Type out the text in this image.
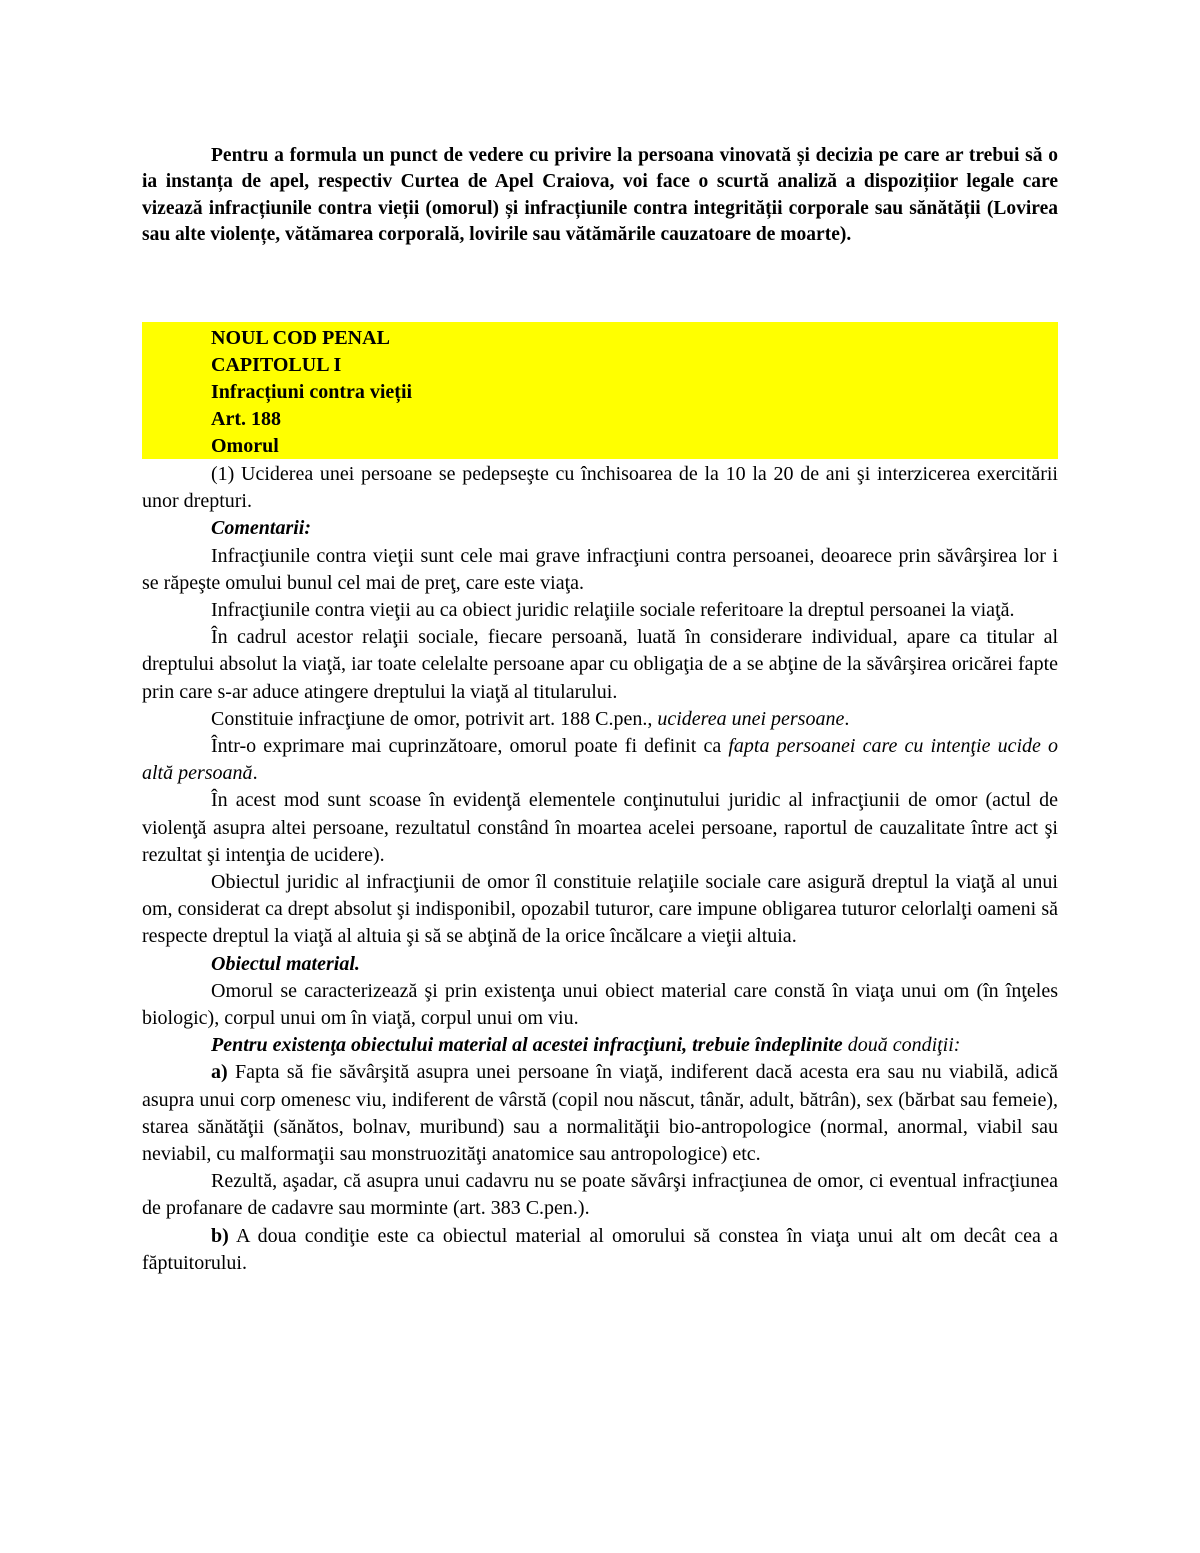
Pentru a formula un punct de vedere cu privire la persoana vinovată și decizia pe care ar trebui să o ia instanța de apel, respectiv Curtea de Apel Craiova, voi face o scurtă analiză a dispozițiior legale care vizează infracțiunile contra vieții (omorul) și infracțiunile contra integrității corporale sau sănătății (Lovirea sau alte violențe, vătămarea corporală, lovirile sau vătămările cauzatoare de moarte).

NOUL COD PENAL
CAPITOLUL I
Infracțiuni contra vieții
Art. 188
Omorul

(1) Uciderea unei persoane se pedepseşte cu închisoarea de la 10 la 20 de ani şi interzicerea exercitării unor drepturi.

Comentarii:

Infracţiunile contra vieţii sunt cele mai grave infracţiuni contra persoanei, deoarece prin săvârşirea lor i se răpeşte omului bunul cel mai de preţ, care este viaţa.

Infracţiunile contra vieţii au ca obiect juridic relaţiile sociale referitoare la dreptul persoanei la viaţă.

În cadrul acestor relaţii sociale, fiecare persoană, luată în considerare individual, apare ca titular al dreptului absolut la viaţă, iar toate celelalte persoane apar cu obligaţia de a se abţine de la săvârşirea oricărei fapte prin care s-ar aduce atingere dreptului la viaţă al titularului.

Constituie infracţiune de omor, potrivit art. 188 C.pen., uciderea unei persoane.

Într-o exprimare mai cuprinzătoare, omorul poate fi definit ca fapta persoanei care cu intenţie ucide o altă persoană.

În acest mod sunt scoase în evidenţă elementele conţinutului juridic al infracţiunii de omor (actul de violenţă asupra altei persoane, rezultatul constând în moartea acelei persoane, raportul de cauzalitate între act şi rezultat şi intenţia de ucidere).

Obiectul juridic al infracţiunii de omor îl constituie relaţiile sociale care asigură dreptul la viaţă al unui om, considerat ca drept absolut şi indisponibil, opozabil tuturor, care impune obligarea tuturor celorlalţi oameni să respecte dreptul la viaţă al altuia şi să se abţină de la orice încălcare a vieţii altuia.

Obiectul material.

Omorul se caracterizează şi prin existenţa unui obiect material care constă în viaţa unui om (în înţeles biologic), corpul unui om în viaţă, corpul unui om viu.

Pentru existenţa obiectului material al acestei infracţiuni, trebuie îndeplinite două condiţii:

a) Fapta să fie săvârşită asupra unei persoane în viaţă, indiferent dacă acesta era sau nu viabilă, adică asupra unui corp omenesc viu, indiferent de vârstă (copil nou născut, tânăr, adult, bătrân), sex (bărbat sau femeie), starea sănătăţii (sănătos, bolnav, muribund) sau a normalităţii bio-antropologice (normal, anormal, viabil sau neviabil, cu malformaţii sau monstruozităţi anatomice sau antropologice) etc.

Rezultă, aşadar, că asupra unui cadavru nu se poate săvârşi infracţiunea de omor, ci eventual infracţiunea de profanare de cadavre sau morminte (art. 383 C.pen.).

b) A doua condiţie este ca obiectul material al omorului să constea în viaţa unui alt om decât cea a făptuitorului.
